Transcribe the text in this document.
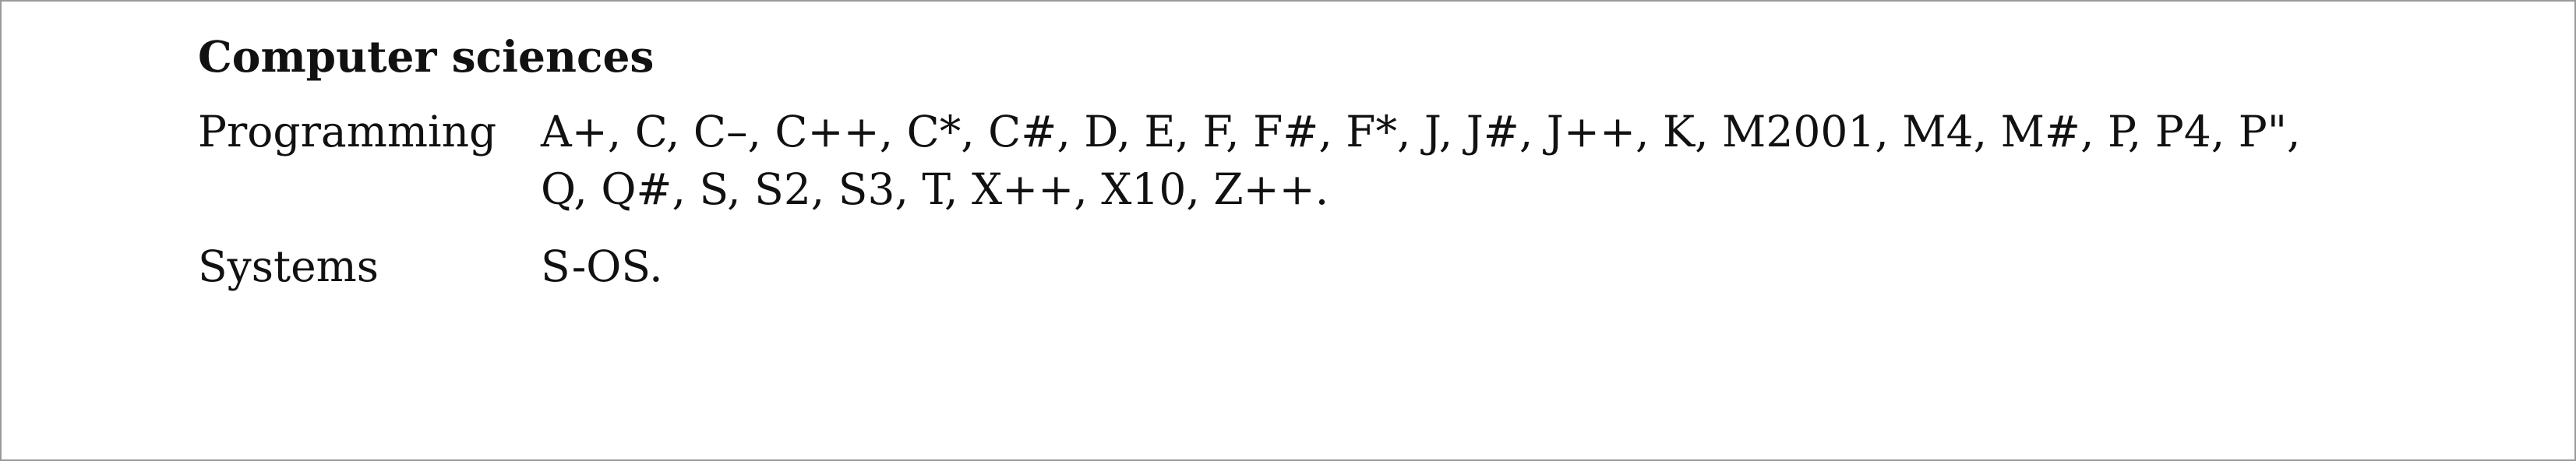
Computer sciences
Programming	A+, C, C–, C++, C*, C#, D, E, F, F#, F*, J, J#, J++, K, M2001, M4, M#, P, P4, P",
Q, Q#, S, S2, S3, T, X++, X10, Z++.
Systems	S-OS.
